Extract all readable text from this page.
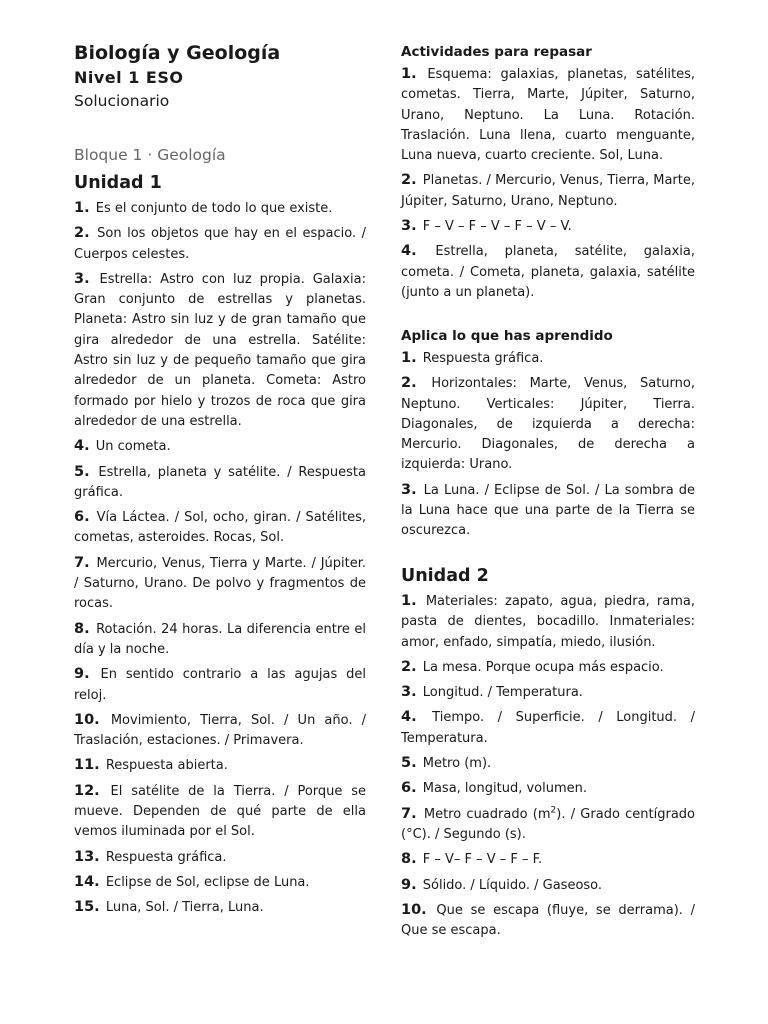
Biología y Geología
Nivel 1 ESO
Solucionario
Bloque 1 · Geología
Unidad 1

1. Es el conjunto de todo lo que existe.

2. Son los objetos que hay en el espacio. / Cuerpos celestes.

3. Estrella: Astro con luz propia. Galaxia: Gran conjunto de estrellas y planetas. Planeta: Astro sin luz y de gran tamaño que gira alrededor de una estrella. Satélite: Astro sin luz y de pequeño tamaño que gira alrededor de un planeta. Cometa: Astro formado por hielo y trozos de roca que gira alrededor de una estrella.

4. Un cometa.

5. Estrella, planeta y satélite. / Respuesta gráfica.

6. Vía Láctea. / Sol, ocho, giran. / Satélites, cometas, asteroides. Rocas, Sol.

7. Mercurio, Venus, Tierra y Marte. / Júpiter. / Saturno, Urano. De polvo y fragmentos de rocas.

8. Rotación. 24 horas. La diferencia entre el día y la noche.

9. En sentido contrario a las agujas del reloj.

10. Movimiento, Tierra, Sol. / Un año. / Traslación, estaciones. / Primavera.

11. Respuesta abierta.

12. El satélite de la Tierra. / Porque se mueve. Dependen de qué parte de ella vemos iluminada por el Sol.

13. Respuesta gráfica.

14. Eclipse de Sol, eclipse de Luna.

15. Luna, Sol. / Tierra, Luna.

Actividades para repasar

1. Esquema: galaxias, planetas, satélites, cometas. Tierra, Marte, Júpiter, Saturno, Urano, Neptuno. La Luna. Rotación. Traslación. Luna llena, cuarto menguante, Luna nueva, cuarto creciente. Sol, Luna.

2. Planetas. / Mercurio, Venus, Tierra, Marte, Júpiter, Saturno, Urano, Neptuno.

3. F – V – F – V – F – V – V.

4. Estrella, planeta, satélite, galaxia, cometa. / Cometa, planeta, galaxia, satélite (junto a un planeta).

Aplica lo que has aprendido

1. Respuesta gráfica.

2. Horizontales: Marte, Venus, Saturno, Neptuno. Verticales: Júpiter, Tierra. Diagonales, de izquierda a derecha: Mercurio. Diagonales, de derecha a izquierda: Urano.

3. La Luna. / Eclipse de Sol. / La sombra de la Luna hace que una parte de la Tierra se oscurezca.

Unidad 2

1. Materiales: zapato, agua, piedra, rama, pasta de dientes, bocadillo. Inmateriales: amor, enfado, simpatía, miedo, ilusión.

2. La mesa. Porque ocupa más espacio.

3. Longitud. / Temperatura.

4. Tiempo. / Superficie. / Longitud. / Temperatura.

5. Metro (m).

6. Masa, longitud, volumen.

7. Metro cuadrado $(m^2)$. / Grado centígrado (°C). / Segundo (s).

8. F – V– F – V – F – F.

9. Sólido. / Líquido. / Gaseoso.

10. Que se escapa (fluye, se derrama). / Que se escapa.
